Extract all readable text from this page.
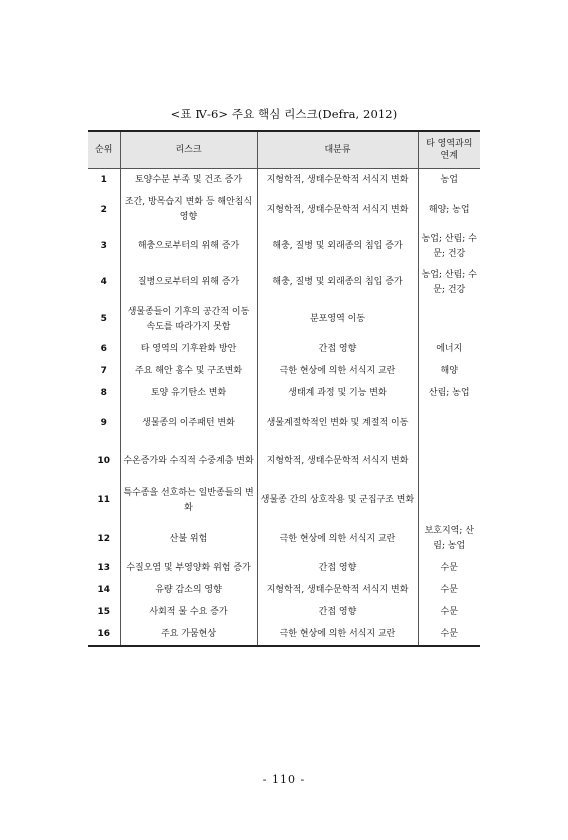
<표 Ⅳ-6> 주요 핵심 리스크(Defra, 2012)
순위	리스크	대분류	타 영역과의 연계
1	토양수분 부족 및 건조 증가	지형학적, 생태수문학적 서식지 변화	농업
2	조간, 방목습지 변화 등 해안침식 영향	지형학적, 생태수문학적 서식지 변화	해양; 농업
3	해충으로부터의 위해 증가	해충, 질병 및 외래종의 침입 증가	농업; 산림; 수문; 건강
4	질병으로부터의 위해 증가	해충, 질병 및 외래종의 침입 증가	농업; 산림; 수문; 건강
5	생물종들이 기후의 공간적 이동 속도를 따라가지 못함	분포영역 이동	
6	타 영역의 기후완화 방안	간접 영향	에너지
7	주요 해안 홍수 및 구조변화	극한 현상에 의한 서식지 교란	해양
8	토양 유기탄소 변화	생태계 과정 및 기능 변화	산림; 농업
9	생물종의 이주패턴 변화	생물계절학적인 변화 및 계절적 이동	
10	수온증가와 수직적 수중계층 변화	지형학적, 생태수문학적 서식지 변화	
11	특수종을 선호하는 일반종들의 변화	생물종 간의 상호작용 및 군집구조 변화	
12	산불 위험	극한 현상에 의한 서식지 교란	보호지역; 산림; 농업
13	수질오염 및 부영양화 위험 증가	간접 영향	수문
14	유량 감소의 영향	지형학적, 생태수문학적 서식지 변화	수문
15	사회적 물 수요 증가	간접 영향	수문
16	주요 가뭄현상	극한 현상에 의한 서식지 교란	수문
- 110 -
